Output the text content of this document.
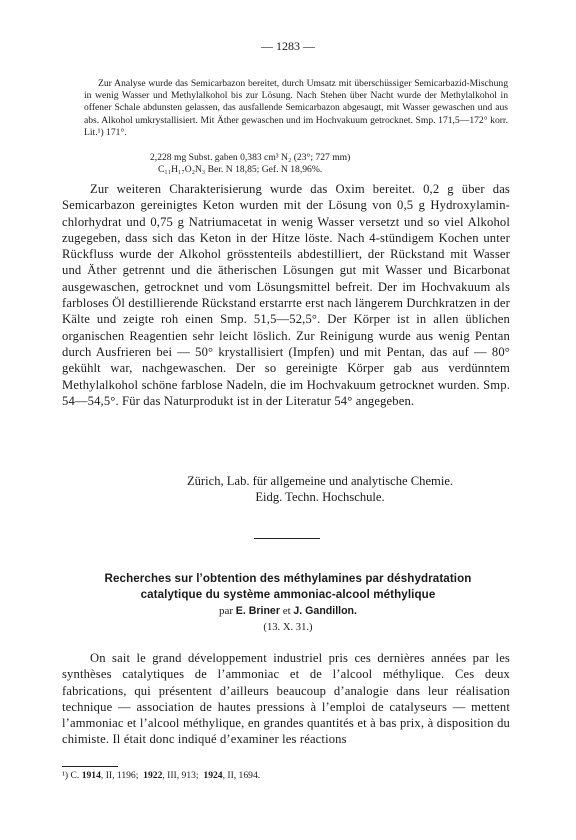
— 1283 —

Zur Analyse wurde das Semicarbazon bereitet, durch Umsatz mit überschüssiger Semicarbazid-Mischung in wenig Wasser und Methylalkohol bis zur Lösung. Nach Stehen über Nacht wurde der Methylalkohol in offener Schale abdunsten gelassen, das ausfallende Semicarbazon abgesaugt, mit Wasser gewaschen und aus abs. Alkohol umkrystallisiert. Mit Äther gewaschen und im Hochvakuum getrocknet. Smp. 171,5—172° korr. Lit.¹) 171°.

2,228 mg Subst. gaben 0,383 cm³ N₂ (23°; 727 mm)
C₁₁H₁₇O₂N₃ Ber. N 18,85; Gef. N 18,96%.

Zur weiteren Charakterisierung wurde das Oxim bereitet. 0,2 g über das Semicarbazon gereinigtes Keton wurden mit der Lösung von 0,5 g Hydroxylamin-chlorhydrat und 0,75 g Natriumacetat in wenig Wasser versetzt und so viel Alkohol zugegeben, dass sich das Keton in der Hitze löste. Nach 4-stündigem Kochen unter Rückfluss wurde der Alkohol grösstenteils abdestilliert, der Rückstand mit Wasser und Äther getrennt und die ätherischen Lösungen gut mit Wasser und Bicarbonat ausgewaschen, getrocknet und vom Lösungsmittel befreit. Der im Hochvakuum als farbloses Öl destillierende Rückstand erstarrte erst nach längerem Durchkratzen in der Kälte und zeigte roh einen Smp. 51,5—52,5°. Der Körper ist in allen üblichen organischen Reagentien sehr leicht löslich. Zur Reinigung wurde aus wenig Pentan durch Ausfrieren bei — 50° krystallisiert (Impfen) und mit Pentan, das auf — 80° gekühlt war, nachgewaschen. Der so gereinigte Körper gab aus verdünntem Methylalkohol schöne farblose Nadeln, die im Hochvakuum getrocknet wurden. Smp. 54—54,5°. Für das Naturprodukt ist in der Literatur 54° angegeben.

Zürich, Lab. für allgemeine und analytische Chemie.
Eidg. Techn. Hochschule.
Recherches sur l’obtention des méthylamines par déshydratation
catalytique du système ammoniac-alcool méthylique
par E. Briner et J. Gandillon.
(13. X. 31.)

On sait le grand développement industriel pris ces dernières années par les synthèses catalytiques de l’ammoniac et de l’alcool méthylique. Ces deux fabrications, qui présentent d’ailleurs beaucoup d’analogie dans leur réalisation technique — association de hautes pressions à l’emploi de catalyseurs — mettent l’ammoniac et l’alcool méthylique, en grandes quantités et à bas prix, à disposition du chimiste. Il était donc indiqué d’examiner les réactions

¹) C. 1914, II, 1196; 1922, III, 913; 1924, II, 1694.
